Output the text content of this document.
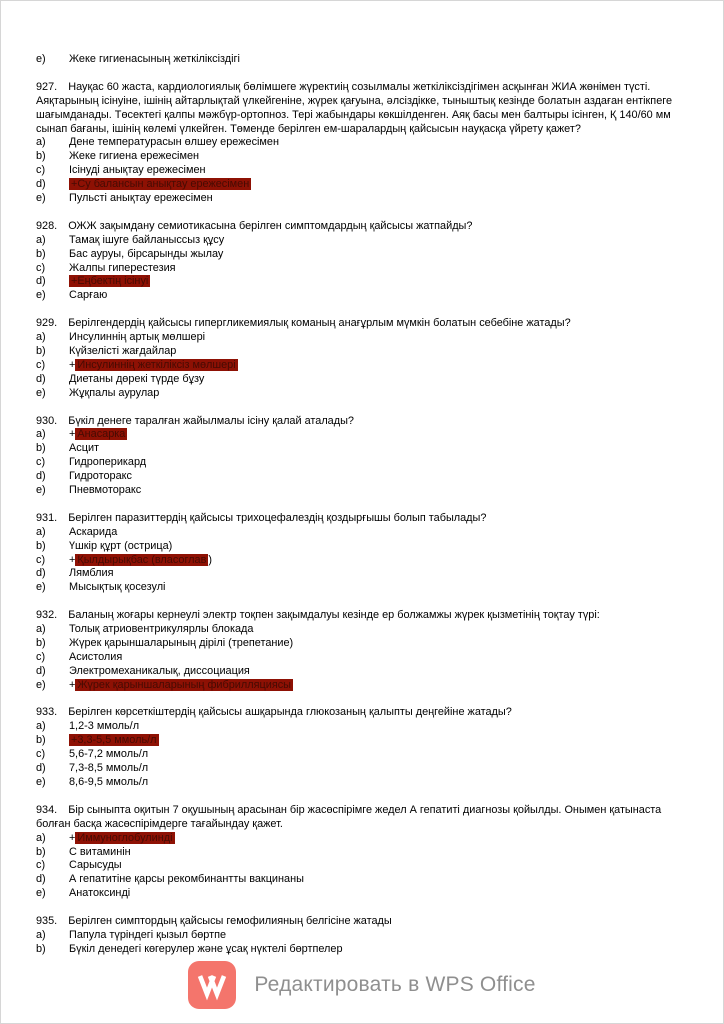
e)	Жеке гигиенасының жеткіліксіздігі

927. Науқас 60 жаста, кардиологиялық бөлімшеге жүректиің созылмалы жеткіліксіздігімен асқынған ЖИА жөнімен түсті. Аяқтарының ісінуіне, ішінің айтарлықтай үлкейгеніне, жүрек қағуына, әлсіздікке, тыныштық кезінде болатын аздаған ентікпеге шағымданады. Төсектегі қалпы мәжбүр-ортопноз. Тері жабындары көкшілденген. Аяқ басы мен балтыры ісінген, Қ 140/60 мм сынап бағаны, ішінің көлемі үлкейген. Төменде берілген ем-шаралардың қайсысын науқасқа үйрету қажет?

a)	Дене температурасын өлшеу ережесімен
b)	Жеке гигиена ережесімен
c)	Ісінуді анықтау ережесімен
d)	+Су балансын анықтау ережесімен
e)	Пульсті анықтау ережесімен

928. ОЖЖ зақымдану семиотикасына берілген симптомдардың қайсысы жатпайды?

a)	Тамақ ішуге байланыссыз құсу
b)	Бас ауруы, бірсарынды жылау
c)	Жалпы гиперестезия
d)	+Еңбектің ісінуі
e)	Сарғаю

929. Берілгендердің қайсысы гипергликемиялық команың анағұрлым мүмкін болатын себебіне жатады?

a)	Инсулиннің артық мөлшері
b)	Күйзелісті жағдайлар
c)	+ Инсулиннің жеткіліксіз мөлшері
d)	Диетаны дөрекі түрде бұзу
e)	Жұқпалы аурулар

930. Бүкіл денеге таралған жайылмалы ісіну қалай аталады?

a)	+ Анасарка
b)	Асцит
c)	Гидроперикард
d)	Гидроторакс
e)	Пневмоторакс

931. Берілген паразиттердің қайсысы трихоцефалездің қоздырғышы болып табылады?

a)	Аскарида
b)	Үшкір құрт (острица)
c)	+ Қылдырықбас (власоглав )
d)	Лямблия
e)	Мысықтық қосезулі

932. Баланың жоғары кернеулі электр тоқпен зақымдалуы кезінде ер болжамжы жүрек қызметінің тоқтау түрі:

a)	Толық атриовентрикулярлы блокада
b)	Жүрек қарыншаларының дірілі (трепетание)
c)	Асистолия
d)	Электромеханикалық, диссоциация
e)	+ Жүрек қарыншаларының фибрилляциясы

933. Берілген көрсеткіштердің қайсысы ашқарында глюкозаның қалыпты деңгейіне жатады?

a)	1,2-3 ммоль/л
b)	+3,3-5,5 ммоль/л
c)	5,6-7,2 ммоль/л
d)	7,3-8,5 ммоль/л
e)	8,6-9,5 ммоль/л

934. Бір сыныпта оқитын 7 оқушының арасынан бір жасөспірімге жедел А гепатиті диагнозы қойылды. Онымен қатынаста болған басқа жасөспірімдерге тағайындау қажет.

a)	+ Иммуноглобулинді
b)	С витаминін
c)	Сарысуды
d)	А гепатитіне қарсы рекомбинантты вакцинаны
e)	Анатоксинді

935. Берілген симптордың қайсысы гемофилияның белгісіне жатады

a)	Папула түріндегі қызыл бөртпе
b)	Бүкіл денедегі көгерулер және ұсақ нүктелі бөртпелер
Редактировать в WPS Office
